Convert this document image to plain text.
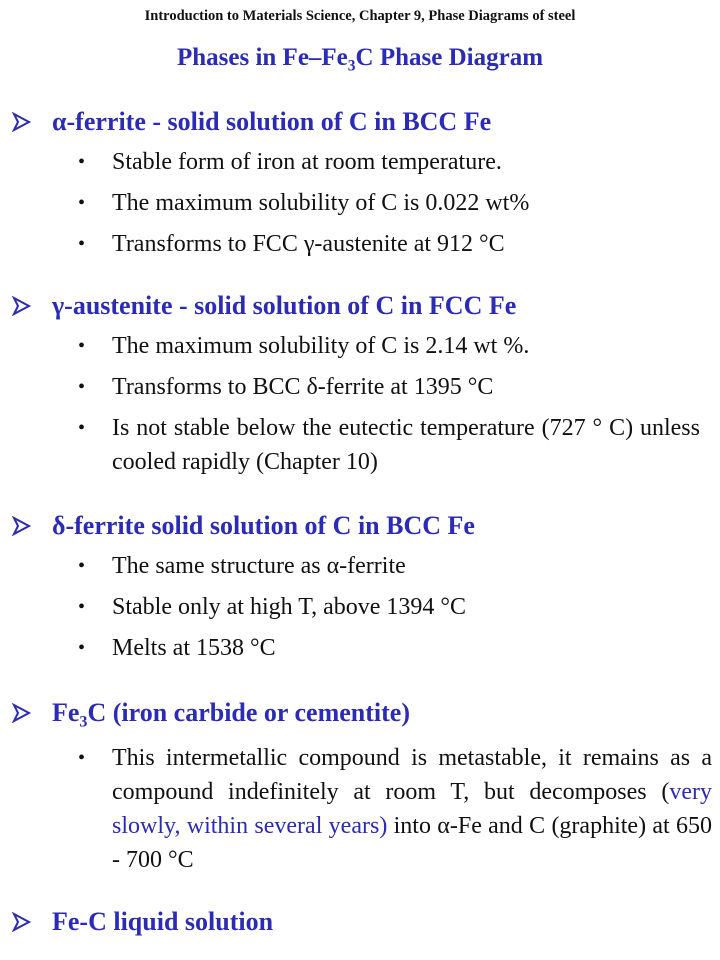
Introduction to Materials Science, Chapter 9, Phase Diagrams of steel
Phases in $Fe-Fe_3C$ Phase Diagram
α-ferrite - solid solution of C in BCC Fe
• Stable form of iron at room temperature.
• The maximum solubility of C is 0.022 wt%
• Transforms to FCC γ-austenite at 912 °C
γ-austenite - solid solution of C in FCC Fe
• The maximum solubility of C is 2.14 wt %.
• Transforms to BCC δ-ferrite at 1395 °C
• Is not stable below the eutectic temperature (727 ° C) unless cooled rapidly (Chapter 10)
δ-ferrite solid solution of C in BCC Fe
• The same structure as α-ferrite
• Stable only at high T, above 1394 °C
• Melts at 1538 °C
$Fe_3C$ (iron carbide or cementite)
• This intermetallic compound is metastable, it remains as a compound indefinitely at room T, but decomposes (very slowly, within several years) into α-Fe and C (graphite) at 650 - 700 °C
Fe-C liquid solution
